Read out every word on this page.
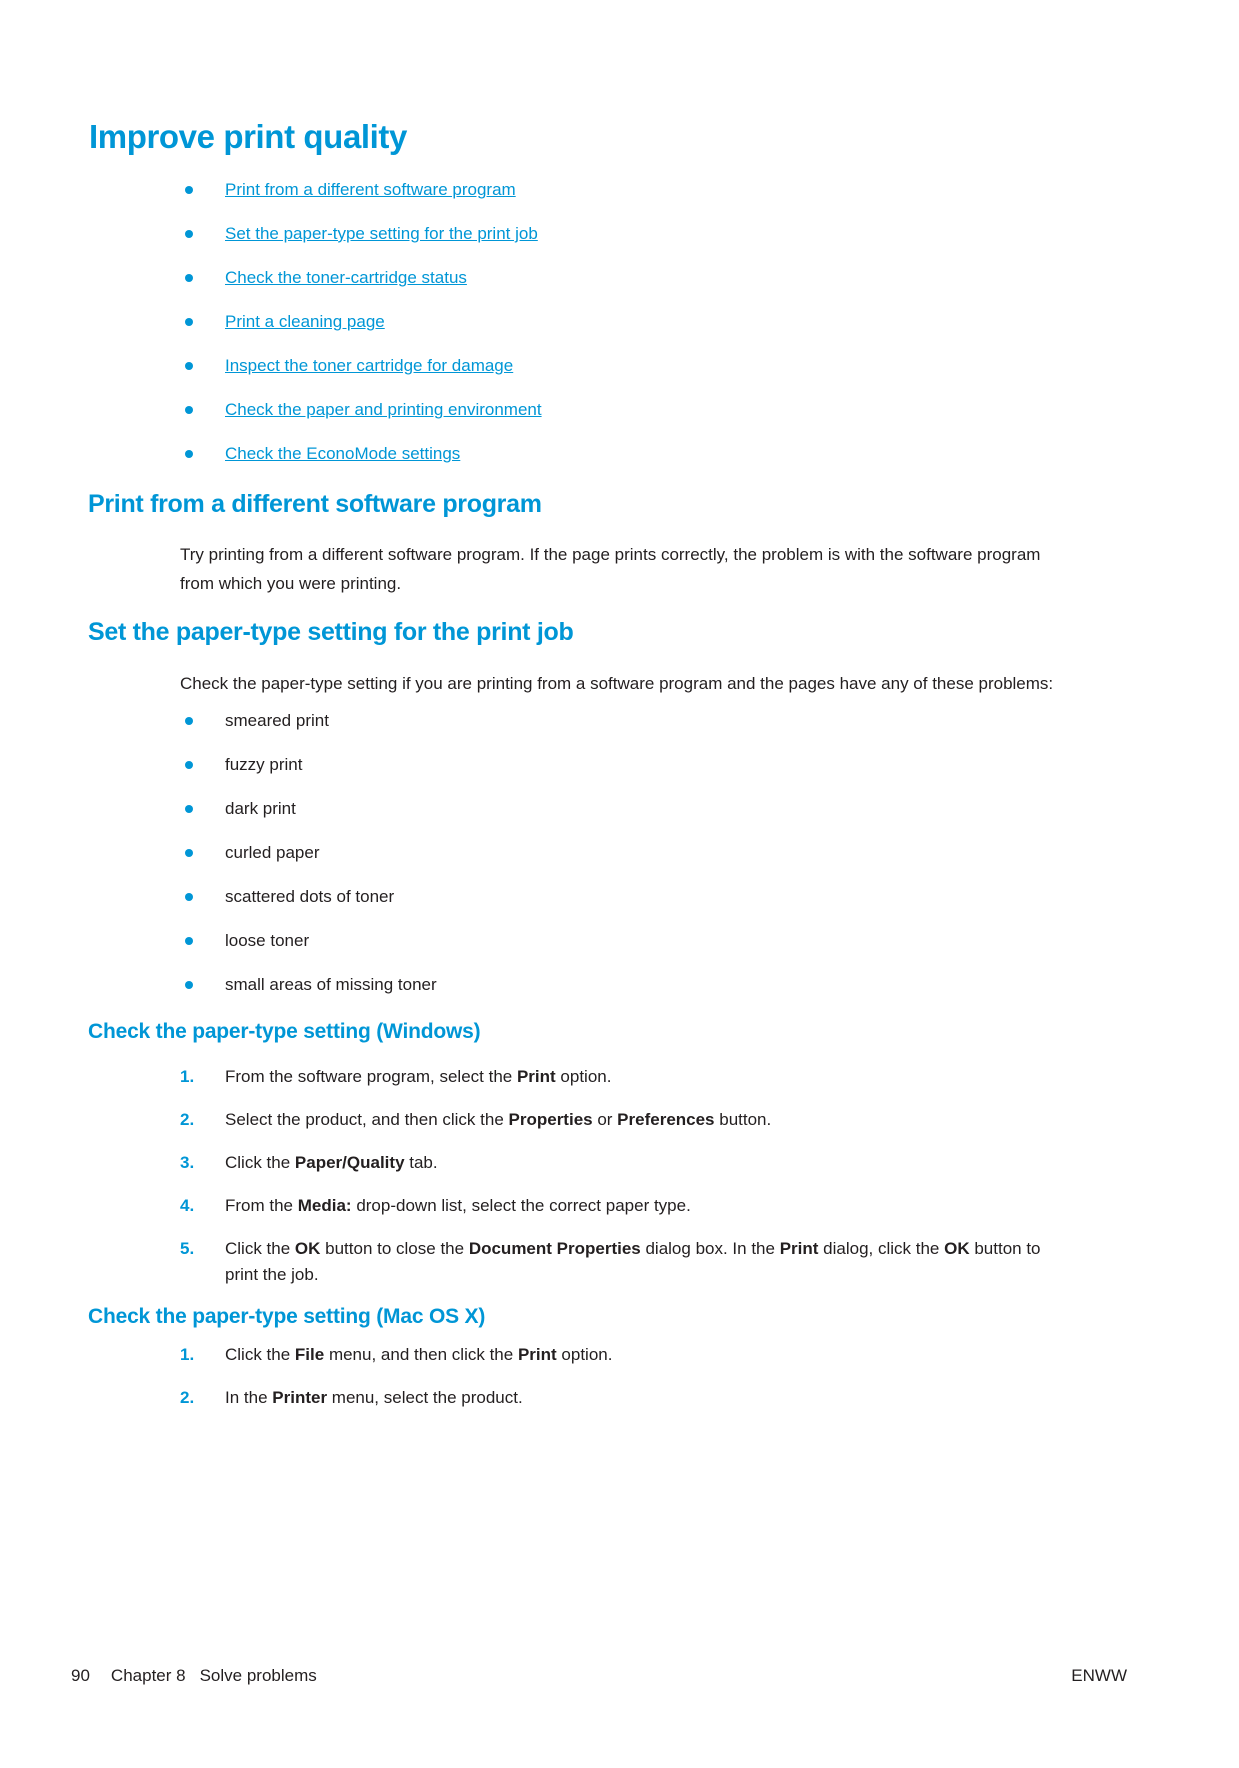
Improve print quality
Print from a different software program
Set the paper-type setting for the print job
Check the toner-cartridge status
Print a cleaning page
Inspect the toner cartridge for damage
Check the paper and printing environment
Check the EconoMode settings
Print from a different software program

Try printing from a different software program. If the page prints correctly, the problem is with the software program from which you were printing.

Set the paper-type setting for the print job

Check the paper-type setting if you are printing from a software program and the pages have any of these problems:

smeared print
fuzzy print
dark print
curled paper
scattered dots of toner
loose toner
small areas of missing toner
Check the paper-type setting (Windows)
1.	From the software program, select the Print option.
2.	Select the product, and then click the Properties or Preferences button.
3.	Click the Paper/Quality tab.
4.	From the Media: drop-down list, select the correct paper type.
5.	Click the OK button to close the Document Properties dialog box. In the Print dialog, click the OK button to print the job.
Check the paper-type setting (Mac OS X)
1.	Click the File menu, and then click the Print option.
2.	In the Printer menu, select the product.
90 Chapter 8 Solve problems	ENWW
